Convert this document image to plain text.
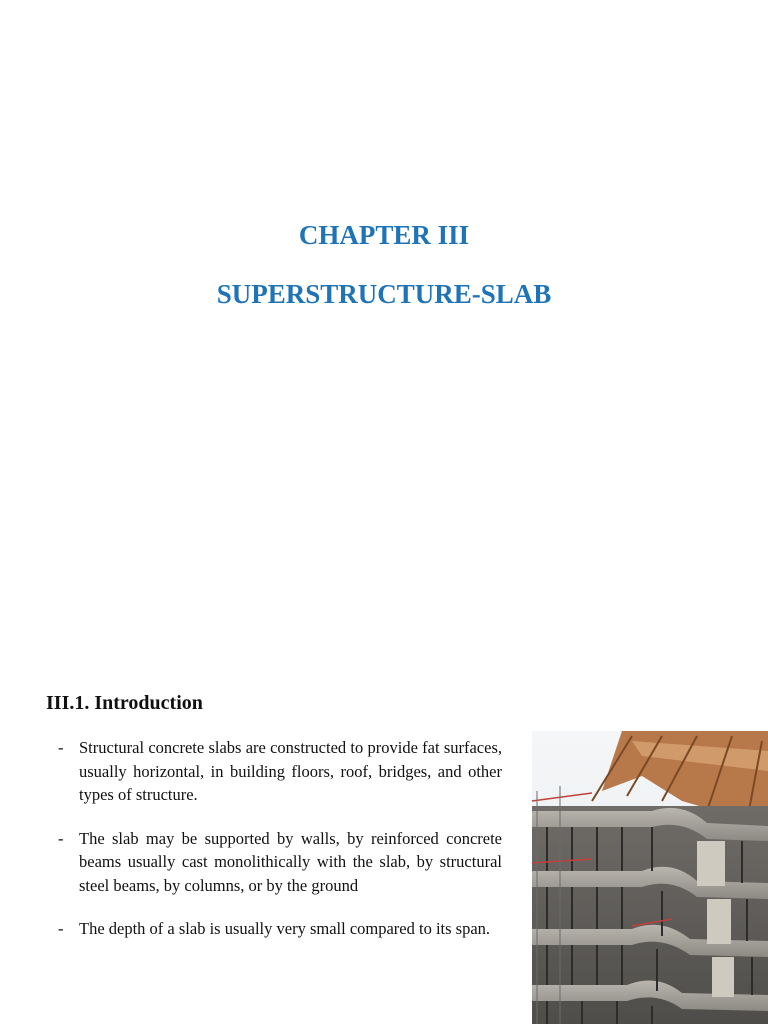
CHAPTER III
SUPERSTRUCTURE-SLAB
III.1. Introduction
- Structural concrete slabs are constructed to provide fat surfaces, usually horizontal, in building floors, roof, bridges, and other types of structure.
- The slab may be supported by walls, by reinforced concrete beams usually cast monolithically with the slab, by structural steel beams, by columns, or by the ground
- The depth of a slab is usually very small compared to its span.
